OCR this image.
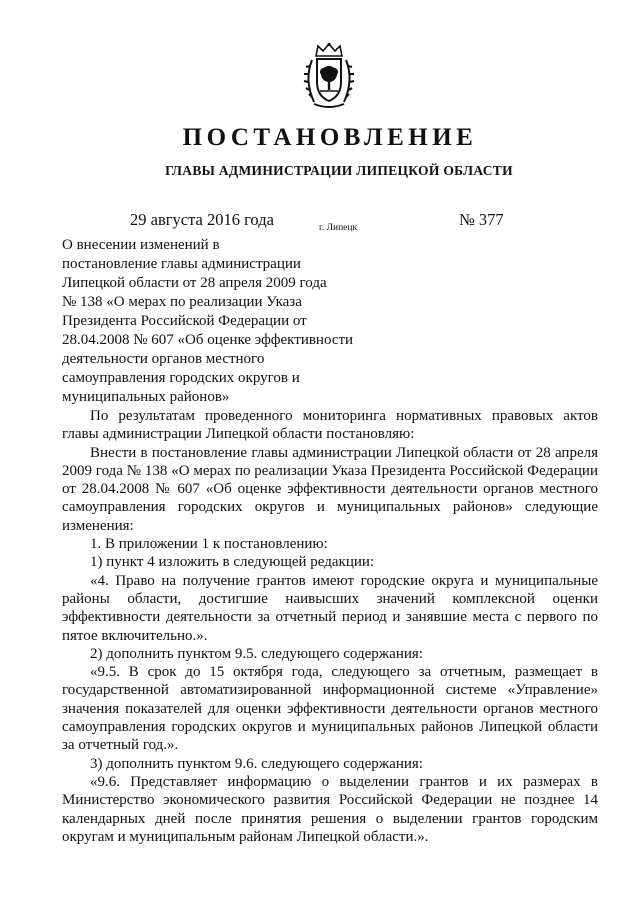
ПОСТАНОВЛЕНИЕ
ГЛАВЫ АДМИНИСТРАЦИИ ЛИПЕЦКОЙ ОБЛАСТИ
29 августа 2016 года	г. Липецк	№ 377
О внесении изменений в
постановление главы администрации
Липецкой области от 28 апреля 2009 года
№ 138 «О мерах по реализации Указа
Президента Российской Федерации от
28.04.2008 № 607 «Об оценке эффективности
деятельности органов местного
самоуправления городских округов и
муниципальных районов»

По результатам проведенного мониторинга нормативных правовых актов главы администрации Липецкой области постановляю:

Внести в постановление главы администрации Липецкой области от 28 апреля 2009 года № 138 «О мерах по реализации Указа Президента Российской Федерации от 28.04.2008 № 607 «Об оценке эффективности деятельности органов местного самоуправления городских округов и муниципальных районов» следующие изменения:

1. В приложении 1 к постановлению:

1) пункт 4 изложить в следующей редакции:

«4. Право на получение грантов имеют городские округа и муниципальные районы области, достигшие наивысших значений комплексной оценки эффективности деятельности за отчетный период и занявшие места с первого по пятое включительно.».

2) дополнить пунктом 9.5. следующего содержания:

«9.5. В срок до 15 октября года, следующего за отчетным, размещает в государственной автоматизированной информационной системе «Управление» значения показателей для оценки эффективности деятельности органов местного самоуправления городских округов и муниципальных районов Липецкой области за отчетный год.».

3) дополнить пунктом 9.6. следующего содержания:

«9.6. Представляет информацию о выделении грантов и их размерах в Министерство экономического развития Российской Федерации не позднее 14 календарных дней после принятия решения о выделении грантов городским округам и муниципальным районам Липецкой области.».
